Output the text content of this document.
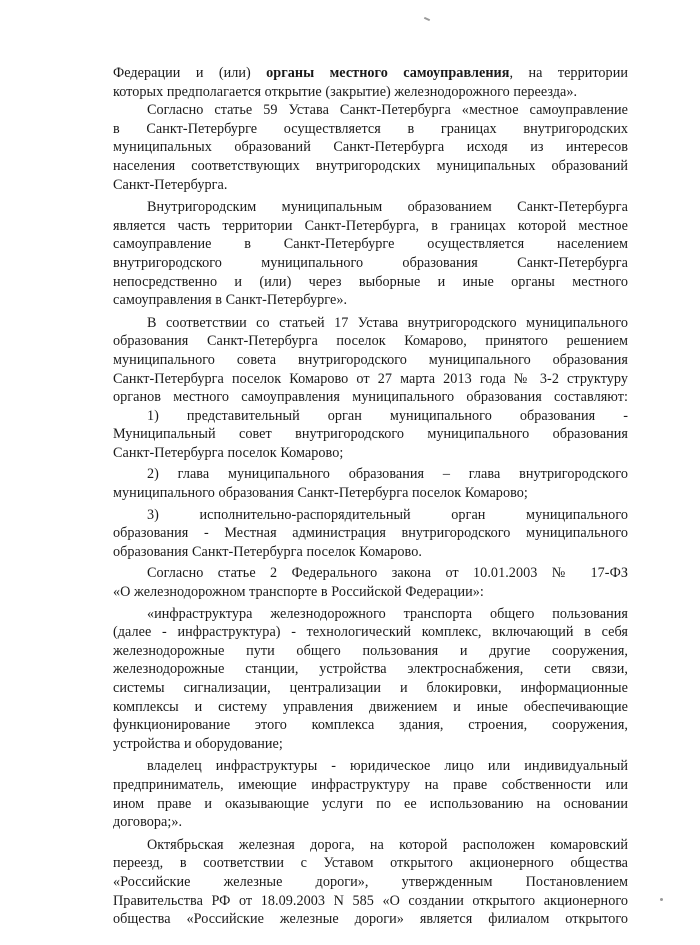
Федерации и (или) органы местного самоуправления, на территории
которых предполагается открытие (закрытие) железнодорожного переезда».
Согласно статье 59 Устава Санкт-Петербурга «местное самоуправление
в Санкт-Петербурге осуществляется в границах внутригородских
муниципальных образований Санкт-Петербурга исходя из интересов
населения соответствующих внутригородских муниципальных образований
Санкт-Петербурга.
Внутригородским муниципальным образованием Санкт-Петербурга
является часть территории Санкт-Петербурга, в границах которой местное
самоуправление в Санкт-Петербурге осуществляется населением
внутригородского муниципального образования Санкт-Петербурга
непосредственно и (или) через выборные и иные органы местного
самоуправления в Санкт-Петербурге».
В соответствии со статьей 17 Устава внутригородского муниципального
образования Санкт-Петербурга поселок Комарово, принятого решением
муниципального совета внутригородского муниципального образования
Санкт-Петербурга поселок Комарово от 27 марта 2013 года № 3-2 структуру
органов местного самоуправления муниципального образования составляют:
1) представительный орган муниципального образования -
Муниципальный совет внутригородского муниципального образования
Санкт-Петербурга поселок Комарово;
2) глава муниципального образования – глава внутригородского
муниципального образования Санкт-Петербурга поселок Комарово;
3) исполнительно-распорядительный орган муниципального
образования - Местная администрация внутригородского муниципального
образования Санкт-Петербурга поселок Комарово.
Согласно статье 2 Федерального закона от 10.01.2003 № 17-ФЗ
«О железнодорожном транспорте в Российской Федерации»:
«инфраструктура железнодорожного транспорта общего пользования
(далее - инфраструктура) - технологический комплекс, включающий в себя
железнодорожные пути общего пользования и другие сооружения,
железнодорожные станции, устройства электроснабжения, сети связи,
системы сигнализации, централизации и блокировки, информационные
комплексы и систему управления движением и иные обеспечивающие
функционирование этого комплекса здания, строения, сооружения,
устройства и оборудование;
владелец инфраструктуры - юридическое лицо или индивидуальный
предприниматель, имеющие инфраструктуру на праве собственности или
ином праве и оказывающие услуги по ее использованию на основании
договора;».
Октябрьская железная дорога, на которой расположен комаровский
переезд, в соответствии с Уставом открытого акционерного общества
«Российские железные дороги», утвержденным Постановлением
Правительства РФ от 18.09.2003 N 585 «О создании открытого акционерного
общества «Российские железные дороги» является филиалом открытого
